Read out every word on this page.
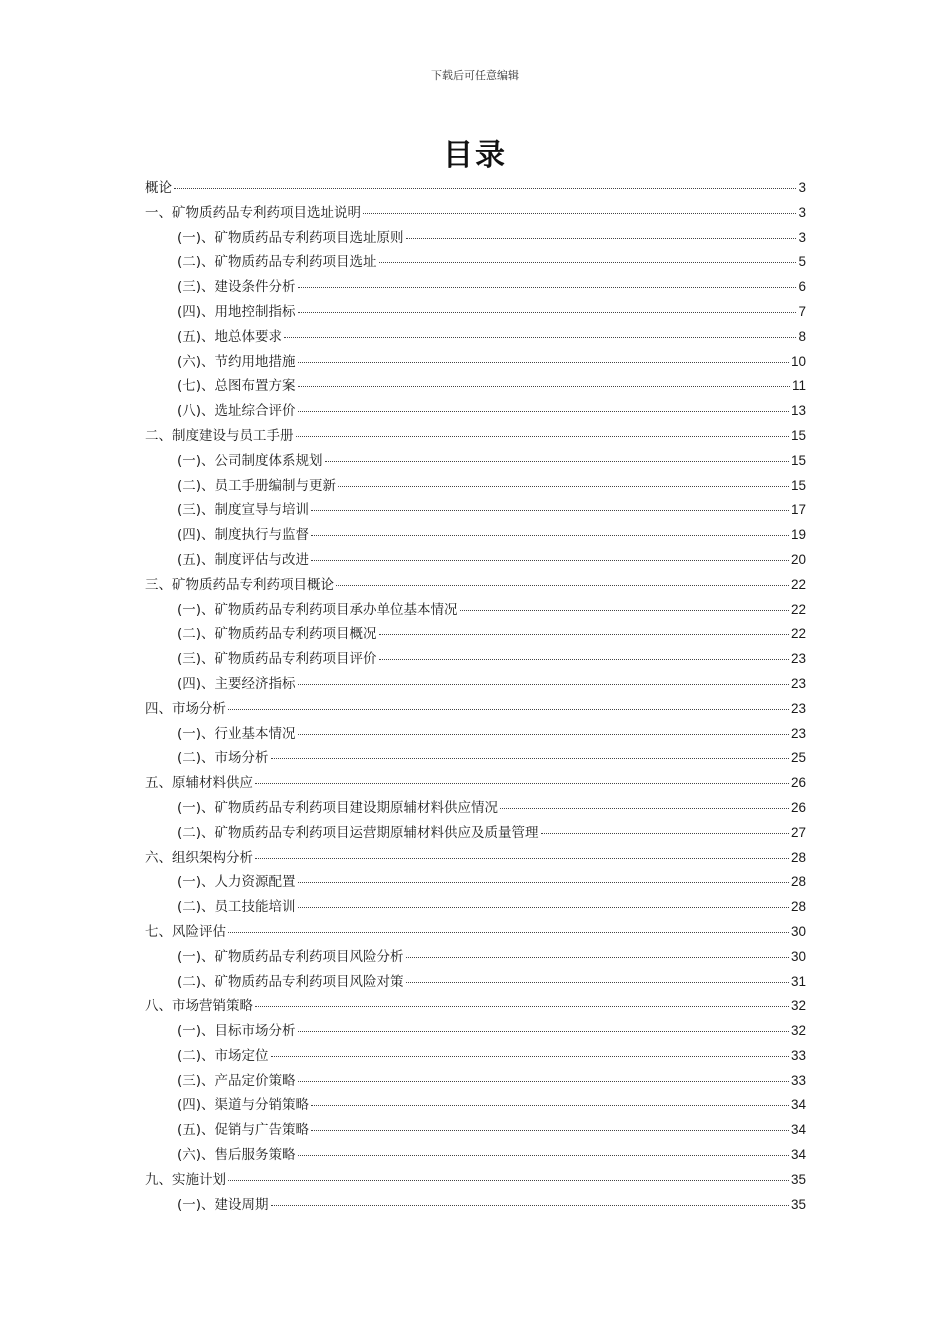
下载后可任意编辑
目录
概论	3
一、矿物质药品专利药项目选址说明	3
(一)、矿物质药品专利药项目选址原则	3
(二)、矿物质药品专利药项目选址	5
(三)、建设条件分析	6
(四)、用地控制指标	7
(五)、地总体要求	8
(六)、节约用地措施	10
(七)、总图布置方案	11
(八)、选址综合评价	13
二、制度建设与员工手册	15
(一)、公司制度体系规划	15
(二)、员工手册编制与更新	15
(三)、制度宣导与培训	17
(四)、制度执行与监督	19
(五)、制度评估与改进	20
三、矿物质药品专利药项目概论	22
(一)、矿物质药品专利药项目承办单位基本情况	22
(二)、矿物质药品专利药项目概况	22
(三)、矿物质药品专利药项目评价	23
(四)、主要经济指标	23
四、市场分析	23
(一)、行业基本情况	23
(二)、市场分析	25
五、原辅材料供应	26
(一)、矿物质药品专利药项目建设期原辅材料供应情况	26
(二)、矿物质药品专利药项目运营期原辅材料供应及质量管理	27
六、组织架构分析	28
(一)、人力资源配置	28
(二)、员工技能培训	28
七、风险评估	30
(一)、矿物质药品专利药项目风险分析	30
(二)、矿物质药品专利药项目风险对策	31
八、市场营销策略	32
(一)、目标市场分析	32
(二)、市场定位	33
(三)、产品定价策略	33
(四)、渠道与分销策略	34
(五)、促销与广告策略	34
(六)、售后服务策略	34
九、实施计划	35
(一)、建设周期	35
